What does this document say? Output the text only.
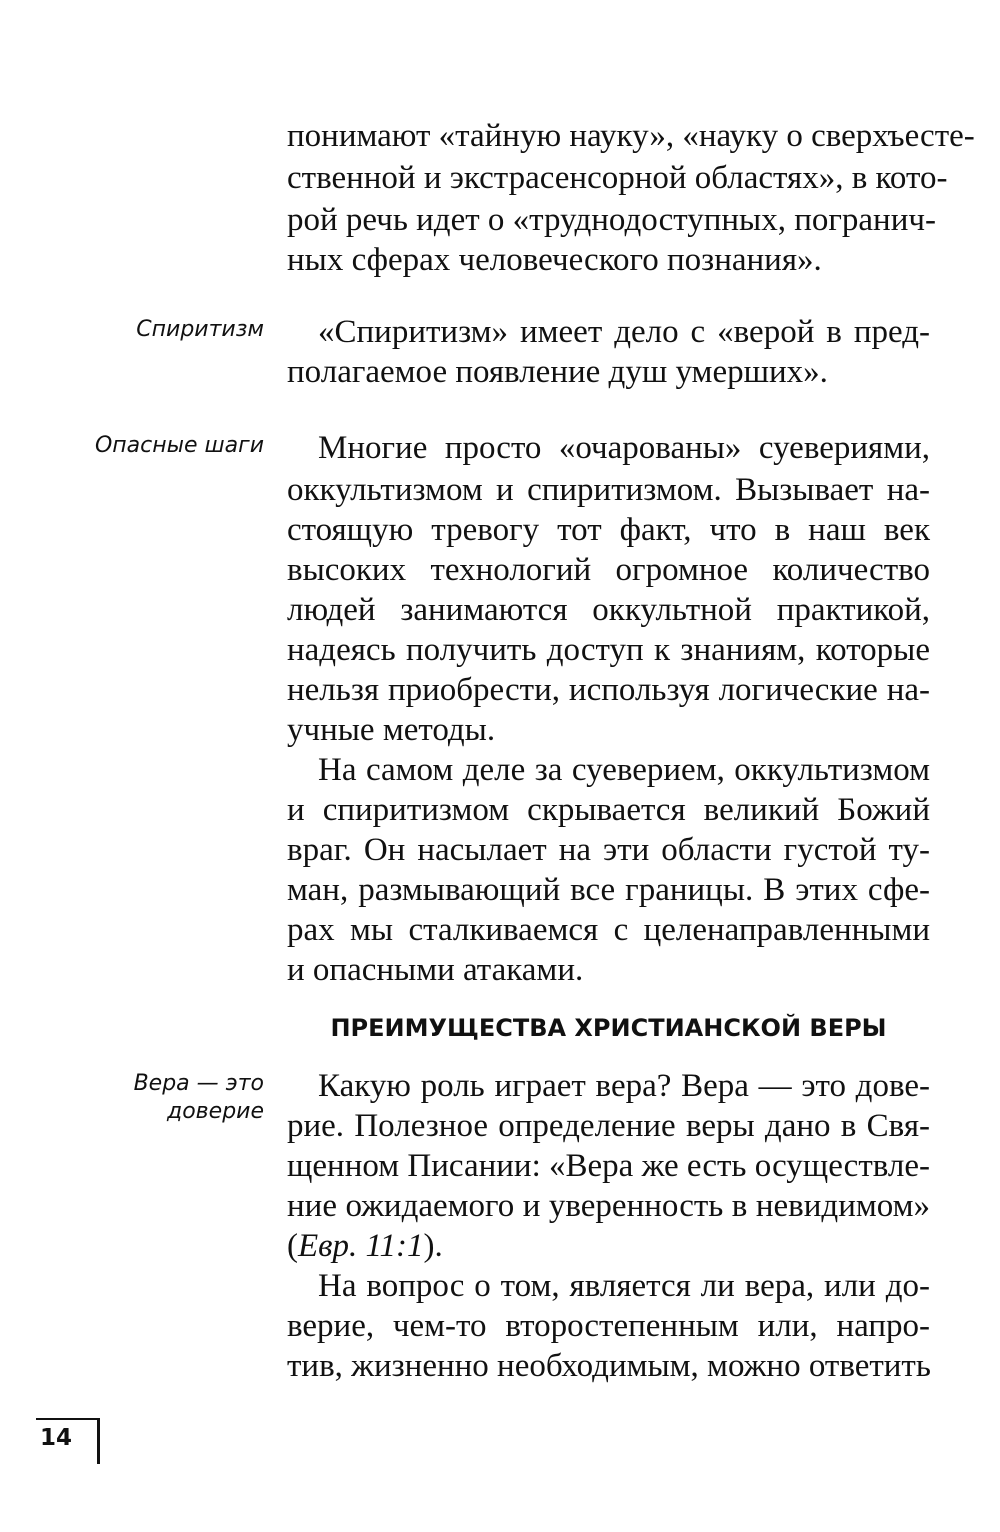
понимают «тайную науку», «науку о сверхъесте-
ственной и экстрасенсорной областях», в кото-
рой речь идет о «труднодоступных, погранич-
ных сферах человеческого познания».
Спиритизм «Спиритизм» имеет дело с «верой в пред-
полагаемое появление душ умерших».
Опасные шаги Многие просто «очарованы» суевериями,
оккультизмом и спиритизмом. Вызывает на-
стоящую тревогу тот факт, что в наш век
высоких технологий огромное количество
людей занимаются оккультной практикой,
надеясь получить доступ к знаниям, которые
нельзя приобрести, используя логические на-
учные методы.
На самом деле за суеверием, оккультизмом
и спиритизмом скрывается великий Божий
враг. Он насылает на эти области густой ту-
ман, размывающий все границы. В этих сфе-
рах мы сталкиваемся с целенаправленными
и опасными атаками.
ПРЕИМУЩЕСТВА ХРИСТИАНСКОЙ ВЕРЫ
Вера — это
доверие
Какую роль играет вера? Вера — это дове-
рие. Полезное определение веры дано в Свя-
щенном Писании: «Вера же есть осуществле-
ние ожидаемого и уверенность в невидимом»
(Евр. 11:1).
На вопрос о том, является ли вера, или до-
верие, чем-то второстепенным или, напро-
тив, жизненно необходимым, можно ответить
14
